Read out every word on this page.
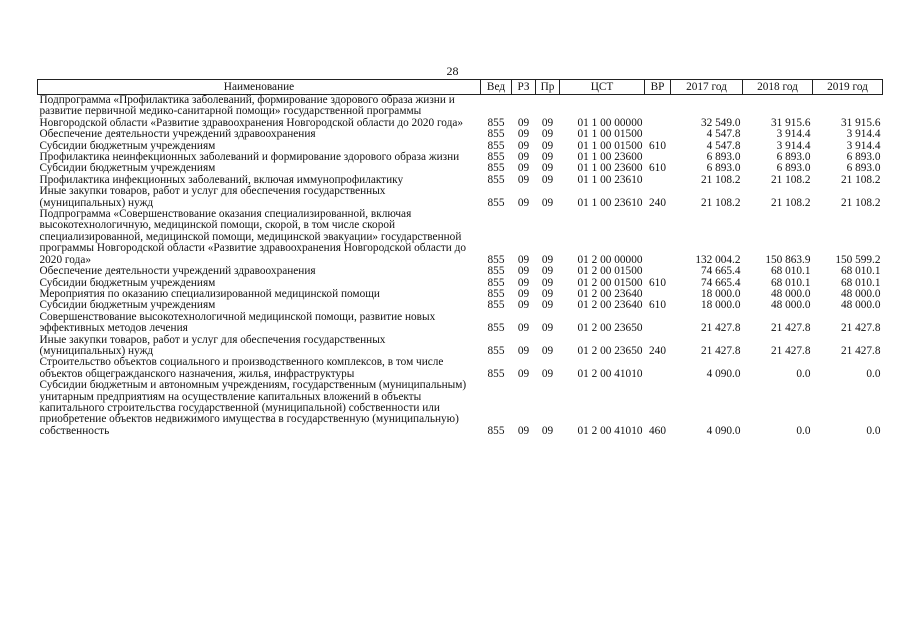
28
Наименование	Вед	РЗ	Пр	ЦСТ	ВР	2017 год	2018 год	2019 год
Подпрограмма «Профилактика заболеваний, формирование здорового образа жизни и развитие первичной медико-санитарной помощи» государственной программы Новгородской области «Развитие здравоохранения Новгородской области до 2020 года»	855	09	09	01 1 00 00000		32 549.0	31 915.6	31 915.6
Обеспечение деятельности учреждений здравоохранения	855	09	09	01 1 00 01500		4 547.8	3 914.4	3 914.4
Субсидии бюджетным учреждениям	855	09	09	01 1 00 01500	610	4 547.8	3 914.4	3 914.4
Профилактика неинфекционных заболеваний и формирование здорового образа жизни	855	09	09	01 1 00 23600		6 893.0	6 893.0	6 893.0
Субсидии бюджетным учреждениям	855	09	09	01 1 00 23600	610	6 893.0	6 893.0	6 893.0
Профилактика инфекционных заболеваний, включая иммунопрофилактику	855	09	09	01 1 00 23610		21 108.2	21 108.2	21 108.2
Иные закупки товаров, работ и услуг для обеспечения государственных (муниципальных) нужд	855	09	09	01 1 00 23610	240	21 108.2	21 108.2	21 108.2
Подпрограмма «Совершенствование оказания специализированной, включая высокотехнологичную, медицинской помощи, скорой, в том числе скорой специализированной, медицинской помощи, медицинской эвакуации» государственной программы Новгородской области «Развитие здравоохранения Новгородской области до 2020 года»	855	09	09	01 2 00 00000		132 004.2	150 863.9	150 599.2
Обеспечение деятельности учреждений здравоохранения	855	09	09	01 2 00 01500		74 665.4	68 010.1	68 010.1
Субсидии бюджетным учреждениям	855	09	09	01 2 00 01500	610	74 665.4	68 010.1	68 010.1
Мероприятия по оказанию специализированной медицинской помощи	855	09	09	01 2 00 23640		18 000.0	48 000.0	48 000.0
Субсидии бюджетным учреждениям	855	09	09	01 2 00 23640	610	18 000.0	48 000.0	48 000.0
Совершенствование высокотехнологичной медицинской помощи, развитие новых эффективных методов лечения	855	09	09	01 2 00 23650		21 427.8	21 427.8	21 427.8
Иные закупки товаров, работ и услуг для обеспечения государственных (муниципальных) нужд	855	09	09	01 2 00 23650	240	21 427.8	21 427.8	21 427.8
Строительство объектов социального и производственного комплексов, в том числе объектов общегражданского назначения, жилья, инфраструктуры	855	09	09	01 2 00 41010		4 090.0	0.0	0.0
Субсидии бюджетным и автономным учреждениям, государственным (муниципальным) унитарным предприятиям на осуществление капитальных вложений в объекты капитального строительства государственной (муниципальной) собственности или приобретение объектов недвижимого имущества в государственную (муниципальную) собственность	855	09	09	01 2 00 41010	460	4 090.0	0.0	0.0
